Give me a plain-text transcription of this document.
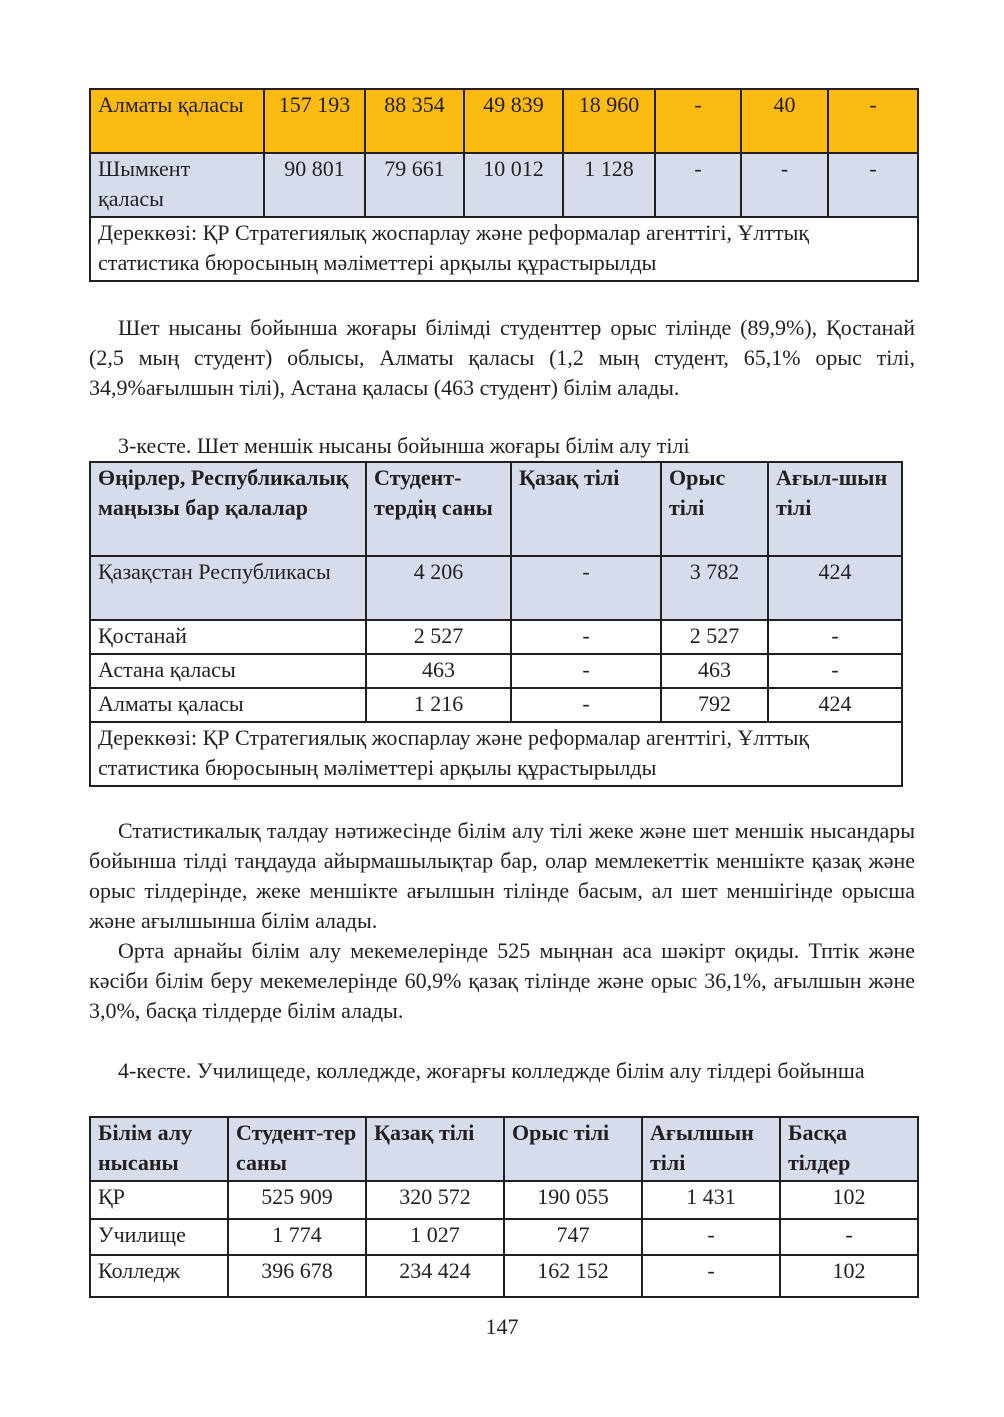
Алматы қаласы	157 193	88 354	49 839	18 960	-	40	-
Шымкент қаласы	90 801	79 661	10 012	1 128	-	-	-
Дереккөзі: ҚР Стратегиялық жоспарлау және реформалар агенттігі, Ұлттық статистика бюросының мәліметтері арқылы құрастырылды							

Шет нысаны бойынша жоғары білімді студенттер орыс тілінде (89,9%), Қостанай (2,5 мың студент) облысы, Алматы қаласы (1,2 мың студент, 65,1% орыс тілі, 34,9%ағылшын тілі), Астана қаласы (463 студент) білім алады.

3-кесте. Шет меншік нысаны бойынша жоғары білім алу тілі

Өңірлер, Республикалық маңызы бар қалалар	Студент-тердің саны	Қазақ тілі	Орыс тілі	Ағыл-шын тілі
Қазақстан Республикасы	4 206	-	3 782	424
Қостанай	2 527	-	2 527	-
Астана қаласы	463	-	463	-
Алматы қаласы	1 216	-	792	424
Дереккөзі: ҚР Стратегиялық жоспарлау және реформалар агенттігі, Ұлттық статистика бюросының мәліметтері арқылы құрастырылды				

Статистикалық талдау нәтижесінде білім алу тілі жеке және шет меншік нысандары бойынша тілді таңдауда айырмашылықтар бар, олар мемлекеттік меншікте қазақ және орыс тілдерінде, жеке меншікте ағылшын тілінде басым, ал шет меншігінде орысша және ағылшынша білім алады.

Орта арнайы білім алу мекемелерінде 525 мыңнан аса шәкірт оқиды. Тптік және кәсіби білім беру мекемелерінде 60,9% қазақ тілінде және орыс 36,1%, ағылшын және 3,0%, басқа тілдерде білім алады.

4-кесте. Училищеде, колледжде, жоғарғы колледжде білім алу тілдері бойынша

Білім алу нысаны	Студент-тер саны	Қазақ тілі	Орыс тілі	Ағылшын тілі	Басқа тілдер
ҚР	525 909	320 572	190 055	1 431	102
Училище	1 774	1 027	747	-	-
Колледж	396 678	234 424	162 152	-	102
147
